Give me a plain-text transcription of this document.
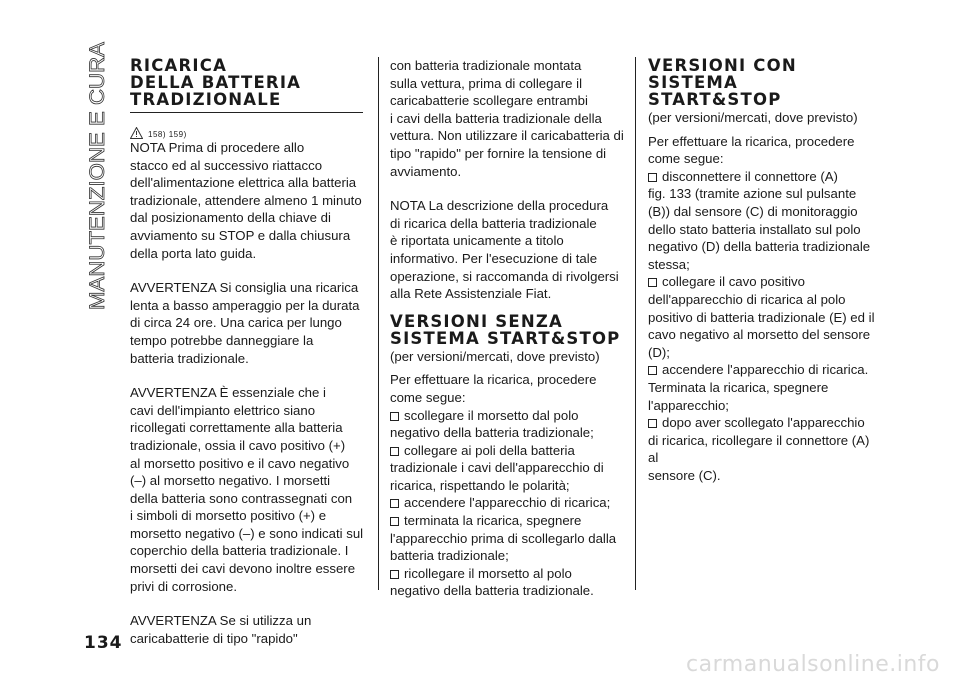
MANUTENZIONE E CURA RICARICA
DELLA BATTERIA
TRADIZIONALE
158) 159)

NOTA Prima di procedere allo

stacco ed al successivo riattacco

dell'alimentazione elettrica alla batteria

tradizionale, attendere almeno 1 minuto

dal posizionamento della chiave di

avviamento su STOP e dalla chiusura

della porta lato guida.

AVVERTENZA Si consiglia una ricarica

lenta a basso amperaggio per la durata

di circa 24 ore. Una carica per lungo

tempo potrebbe danneggiare la

batteria tradizionale.

AVVERTENZA È essenziale che i

cavi dell'impianto elettrico siano

ricollegati correttamente alla batteria

tradizionale, ossia il cavo positivo (+)

al morsetto positivo e il cavo negativo

(–) al morsetto negativo. I morsetti

della batteria sono contrassegnati con

i simboli di morsetto positivo (+) e

morsetto negativo (–) e sono indicati sul

coperchio della batteria tradizionale. I

morsetti dei cavi devono inoltre essere

privi di corrosione.

AVVERTENZA Se si utilizza un

caricabatterie di tipo "rapido"

con batteria tradizionale montata

sulla vettura, prima di collegare il

caricabatterie scollegare entrambi

i cavi della batteria tradizionale della

vettura. Non utilizzare il caricabatteria di

tipo "rapido" per fornire la tensione di

avviamento.

NOTA La descrizione della procedura

di ricarica della batteria tradizionale

è riportata unicamente a titolo

informativo. Per l'esecuzione di tale

operazione, si raccomanda di rivolgersi

alla Rete Assistenziale Fiat.

VERSIONI SENZA
SISTEMA START&STOP

(per versioni/mercati, dove previsto)

Per effettuare la ricarica, procedere

come segue:

scollegare il morsetto dal polo

negativo della batteria tradizionale;

collegare ai poli della batteria

tradizionale i cavi dell'apparecchio di

ricarica, rispettando le polarità;

accendere l'apparecchio di ricarica;

terminata la ricarica, spegnere

l'apparecchio prima di scollegarlo dalla

batteria tradizionale;

ricollegare il morsetto al polo

negativo della batteria tradizionale.

VERSIONI CON SISTEMA
START&STOP

(per versioni/mercati, dove previsto)

Per effettuare la ricarica, procedere

come segue:

disconnettere il connettore (A)

fig. 133 (tramite azione sul pulsante

(B)) dal sensore (C) di monitoraggio

dello stato batteria installato sul polo

negativo (D) della batteria tradizionale

stessa;

collegare il cavo positivo

dell'apparecchio di ricarica al polo

positivo di batteria tradizionale (E) ed il

cavo negativo al morsetto del sensore

(D);

accendere l'apparecchio di ricarica.

Terminata la ricarica, spegnere

l'apparecchio;

dopo aver scollegato l'apparecchio

di ricarica, ricollegare il connettore (A) al

sensore (C).

134
carmanualsonline.info
